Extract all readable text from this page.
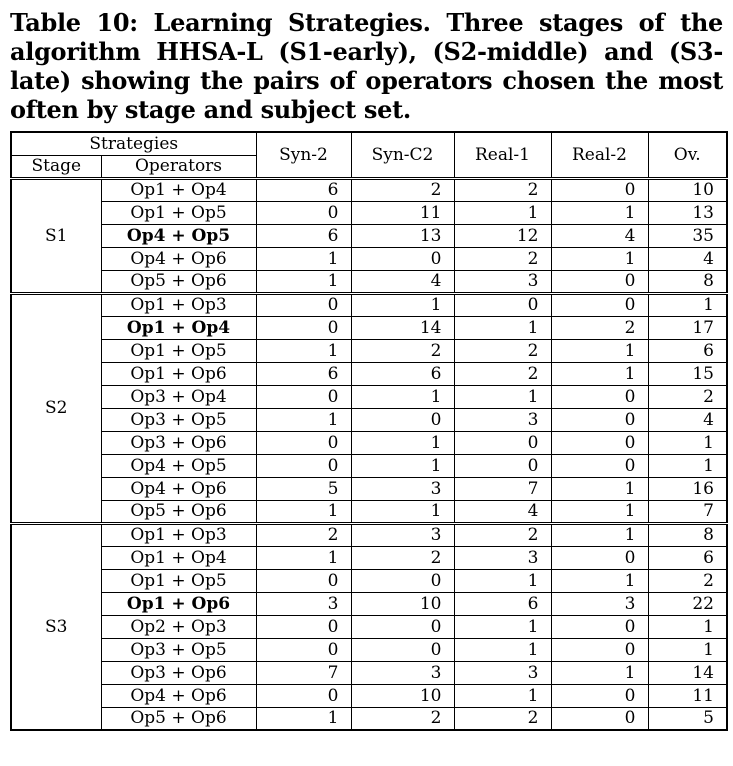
Table 10: Learning Strategies. Three stages of the algorithm HHSA-L (S1-early), (S2-middle) and (S3-late) showing the pairs of operators chosen the most often by stage and subject set.
Strategies		Syn-2	Syn-C2	Real-1	Real-2	Ov.
Stage	Operators					
S1	Op1 + Op4	6	2	2	0	10
	Op1 + Op5	0	11	1	1	13
	Op4 + Op5	6	13	12	4	35
	Op4 + Op6	1	0	2	1	4
	Op5 + Op6	1	4	3	0	8
S2	Op1 + Op3	0	1	0	0	1
	Op1 + Op4	0	14	1	2	17
	Op1 + Op5	1	2	2	1	6
	Op1 + Op6	6	6	2	1	15
	Op3 + Op4	0	1	1	0	2
	Op3 + Op5	1	0	3	0	4
	Op3 + Op6	0	1	0	0	1
	Op4 + Op5	0	1	0	0	1
	Op4 + Op6	5	3	7	1	16
	Op5 + Op6	1	1	4	1	7
S3	Op1 + Op3	2	3	2	1	8
	Op1 + Op4	1	2	3	0	6
	Op1 + Op5	0	0	1	1	2
	Op1 + Op6	3	10	6	3	22
	Op2 + Op3	0	0	1	0	1
	Op3 + Op5	0	0	1	0	1
	Op3 + Op6	7	3	3	1	14
	Op4 + Op6	0	10	1	0	11
	Op5 + Op6	1	2	2	0	5
